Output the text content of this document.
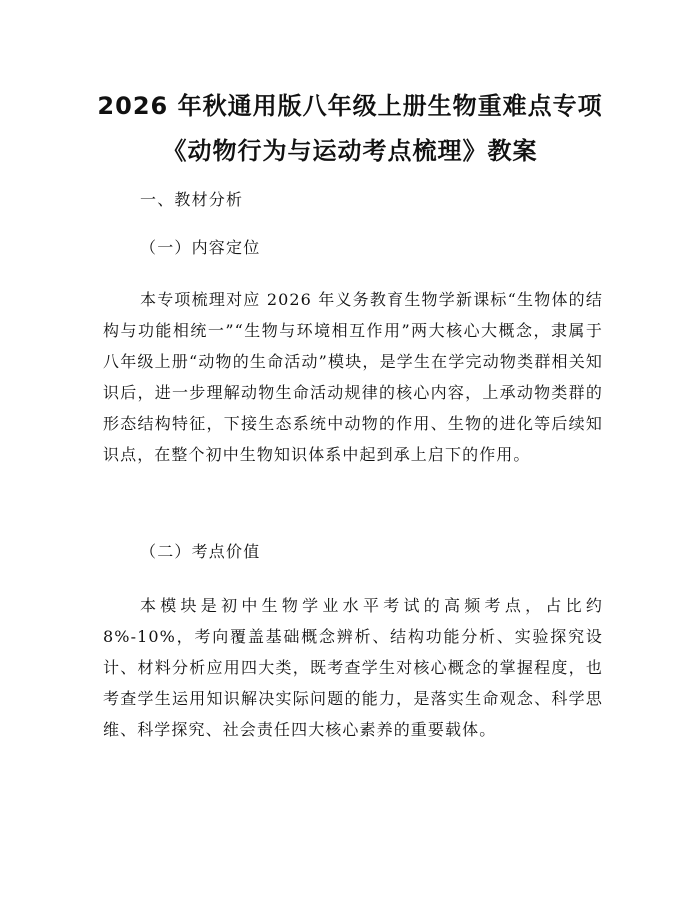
2026 年秋通用版八年级上册生物重难点专项
《动物行为与运动考点梳理》教案

一、教材分析

（一）内容定位

本专项梳理对应 2026 年义务教育生物学新课标“生物体的结构与功能相统一”“生物与环境相互作用”两大核心大概念，隶属于八年级上册“动物的生命活动”模块，是学生在学完动物类群相关知识后，进一步理解动物生命活动规律的核心内容，上承动物类群的形态结构特征，下接生态系统中动物的作用、生物的进化等后续知识点，在整个初中生物知识体系中起到承上启下的作用。

（二）考点价值

本模块是初中生物学业水平考试的高频考点，占比约 8%-10%，考向覆盖基础概念辨析、结构功能分析、实验探究设计、材料分析应用四大类，既考查学生对核心概念的掌握程度，也考查学生运用知识解决实际问题的能力，是落实生命观念、科学思维、科学探究、社会责任四大核心素养的重要载体。
